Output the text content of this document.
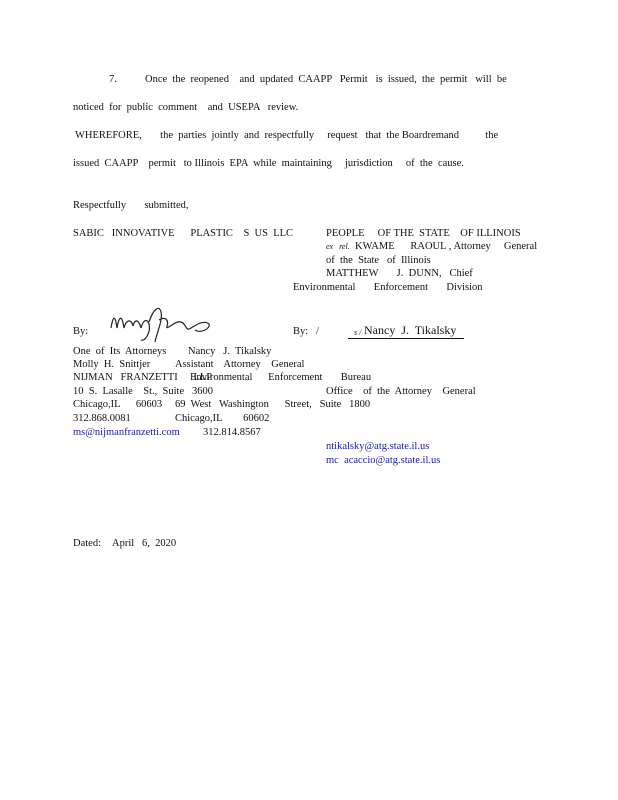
7.	Once  the  reopened    and  updated  CAAPP   Permit   is  issued,  the  permit   will  be
noticed  for  public  comment    and  USEPA   review.
WHEREFORE,       the  parties  jointly  and  respectfully     request   that  the Boardremand          the
issued  CAAPP    permit   to Illinois  EPA  while  maintaining     jurisdiction     of  the  cause.
Respectfully       submitted,
SABIC   INNOVATIVE      PLASTIC    S  US  LLC	PEOPLE     OF THE  STATE    OF ILLINOIS
ex   rel. KWAME      RAOUL , Attorney     General
of  the  State   of  Illinois
MATTHEW       J.  DUNN,   Chief
Environmental       Enforcement       Division
By:	By: /	s / Nancy  J.  Tikalsky
One  of  Its  Attorneys
Molly  H.  Snittjer
NIJMAN   FRANZETTI      LLP
10  S.  Lasalle    St.,  Suite   3600
Chicago,IL      60603
312.868.0081
ms@nijmanfranzetti.com
Nancy   J.  Tikalsky
Assistant    Attorney    General
Environmental      Enforcement       Bureau
Office    of  the  Attorney    General
69  West   Washington      Street,   Suite   1800
Chicago,IL        60602
312.814.8567
ntikalsky@atg.state.il.us
mc  acaccio@atg.state.il.us
Dated: April   6,  2020
